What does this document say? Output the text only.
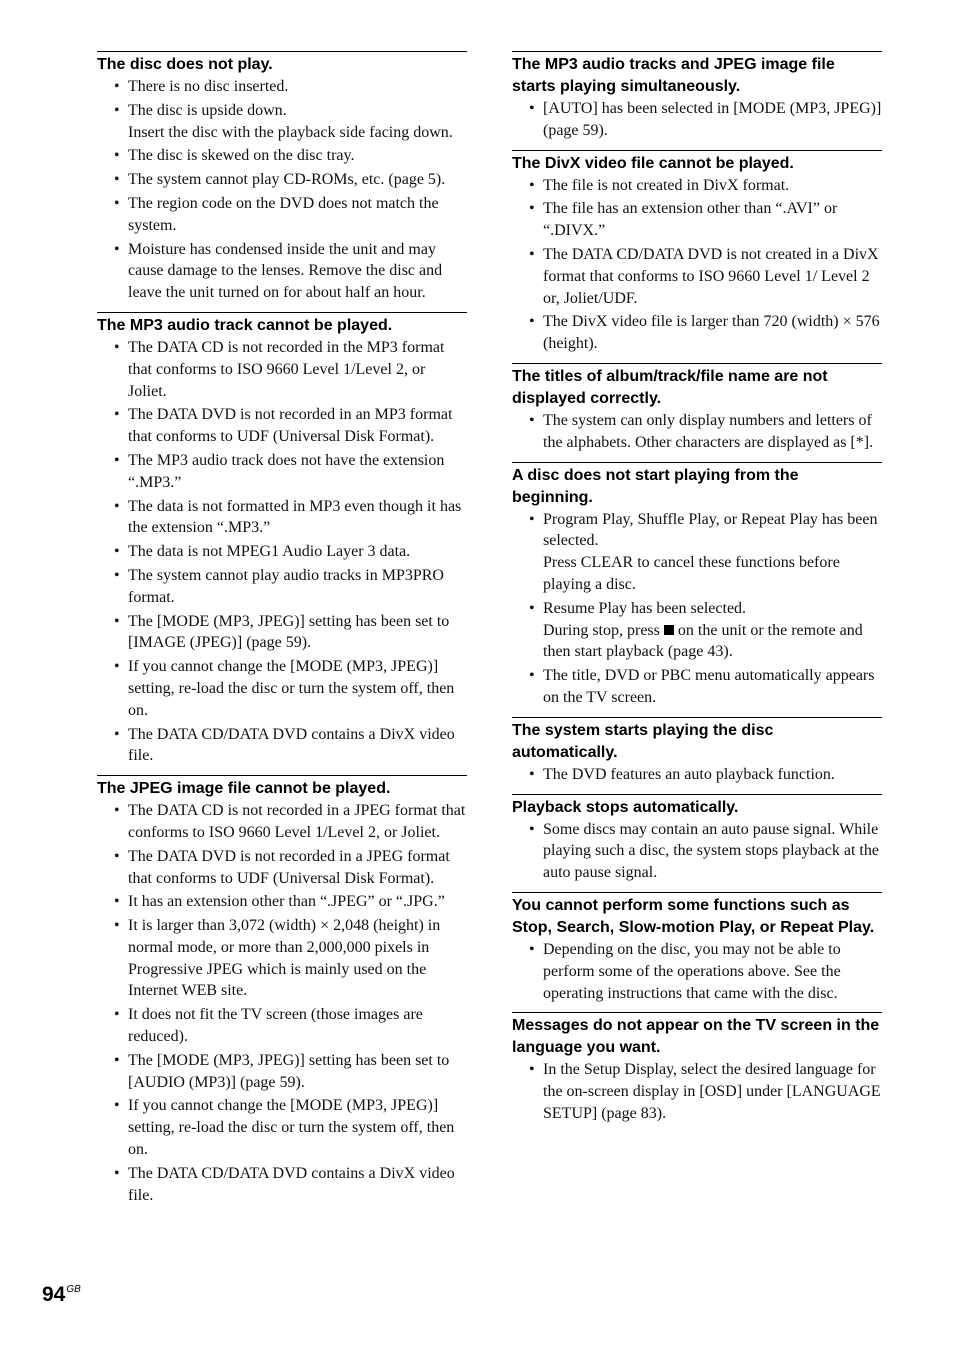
The disc does not play.
• There is no disc inserted.
• The disc is upside down.
Insert the disc with the playback side facing down.
• The disc is skewed on the disc tray.
• The system cannot play CD-ROMs, etc. (page 5).
• The region code on the DVD does not match the system.
• Moisture has condensed inside the unit and may cause damage to the lenses. Remove the disc and leave the unit turned on for about half an hour.
The MP3 audio track cannot be played.
• The DATA CD is not recorded in the MP3 format that conforms to ISO 9660 Level 1/Level 2, or Joliet.
• The DATA DVD is not recorded in an MP3 format that conforms to UDF (Universal Disk Format).
• The MP3 audio track does not have the extension “.MP3.”
• The data is not formatted in MP3 even though it has the extension “.MP3.”
• The data is not MPEG1 Audio Layer 3 data.
• The system cannot play audio tracks in MP3PRO format.
• The [MODE (MP3, JPEG)] setting has been set to [IMAGE (JPEG)] (page 59).
• If you cannot change the [MODE (MP3, JPEG)] setting, re-load the disc or turn the system off, then on.
• The DATA CD/DATA DVD contains a DivX video file.
The JPEG image file cannot be played.
• The DATA CD is not recorded in a JPEG format that conforms to ISO 9660 Level 1/Level 2, or Joliet.
• The DATA DVD is not recorded in a JPEG format that conforms to UDF (Universal Disk Format).
• It has an extension other than “.JPEG” or “.JPG.”
• It is larger than 3,072 (width) × 2,048 (height) in normal mode, or more than 2,000,000 pixels in Progressive JPEG which is mainly used on the Internet WEB site.
• It does not fit the TV screen (those images are reduced).
• The [MODE (MP3, JPEG)] setting has been set to [AUDIO (MP3)] (page 59).
• If you cannot change the [MODE (MP3, JPEG)] setting, re-load the disc or turn the system off, then on.
• The DATA CD/DATA DVD contains a DivX video file.
The MP3 audio tracks and JPEG image file starts playing simultaneously.
• [AUTO] has been selected in [MODE (MP3, JPEG)] (page 59).
The DivX video file cannot be played.
• The file is not created in DivX format.
• The file has an extension other than “.AVI” or “.DIVX.”
• The DATA CD/DATA DVD is not created in a DivX format that conforms to ISO 9660 Level 1/ Level 2 or, Joliet/UDF.
• The DivX video file is larger than 720 (width) × 576 (height).
The titles of album/track/file name are not displayed correctly.
• The system can only display numbers and letters of the alphabets. Other characters are displayed as [*].
A disc does not start playing from the beginning.
• Program Play, Shuffle Play, or Repeat Play has been selected.
Press CLEAR to cancel these functions before playing a disc.
• Resume Play has been selected.
During stop, press on the unit or the remote and then start playback (page 43).
• The title, DVD or PBC menu automatically appears on the TV screen.
The system starts playing the disc automatically.
• The DVD features an auto playback function.
Playback stops automatically.
• Some discs may contain an auto pause signal. While playing such a disc, the system stops playback at the auto pause signal.
You cannot perform some functions such as Stop, Search, Slow-motion Play, or Repeat Play.
• Depending on the disc, you may not be able to perform some of the operations above. See the operating instructions that came with the disc.
Messages do not appear on the TV screen in the language you want.
• In the Setup Display, select the desired language for the on-screen display in [OSD] under [LANGUAGE SETUP] (page 83).
$94^{GB}$
